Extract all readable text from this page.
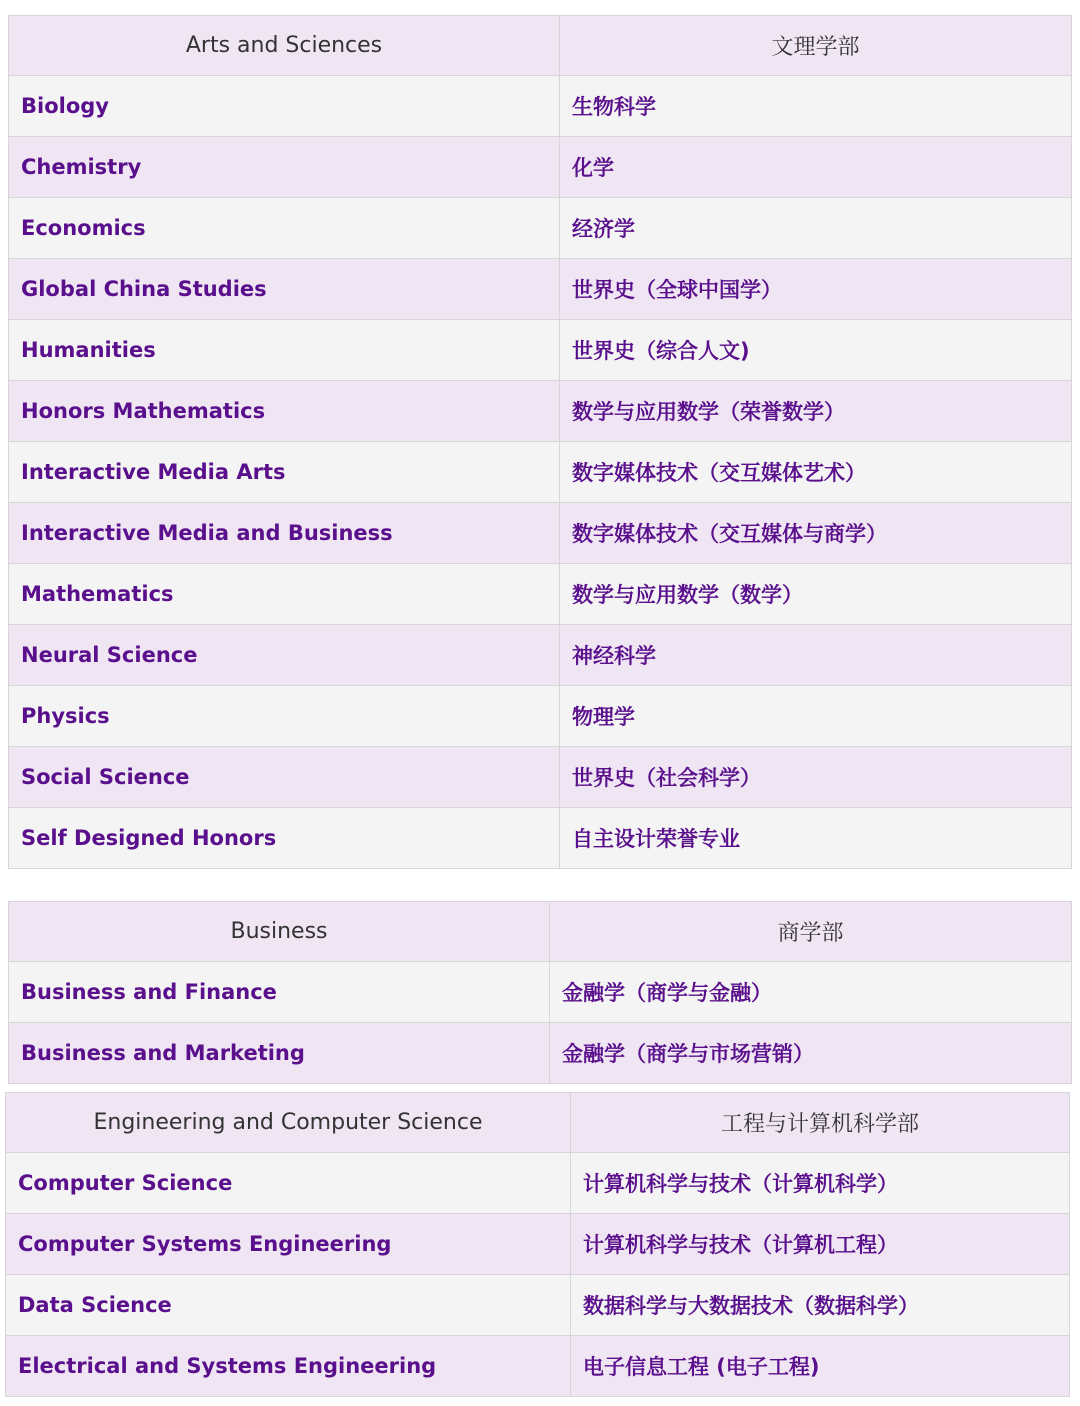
Arts and Sciences	文理学部
Biology	生物科学
Chemistry	化学
Economics	经济学
Global China Studies	世界史（全球中国学）
Humanities	世界史（综合人文)
Honors Mathematics	数学与应用数学（荣誉数学）
Interactive Media Arts	数字媒体技术（交互媒体艺术）
Interactive Media and Business	数字媒体技术（交互媒体与商学）
Mathematics	数学与应用数学（数学）
Neural Science	神经科学
Physics	物理学
Social Science	世界史（社会科学）
Self Designed Honors	自主设计荣誉专业
Business	商学部
Business and Finance	金融学（商学与金融）
Business and Marketing	金融学（商学与市场营销）
Engineering and Computer Science	工程与计算机科学部
Computer Science	计算机科学与技术（计算机科学）
Computer Systems Engineering	计算机科学与技术（计算机工程）
Data Science	数据科学与大数据技术（数据科学）
Electrical and Systems Engineering	电子信息工程 (电子工程)
